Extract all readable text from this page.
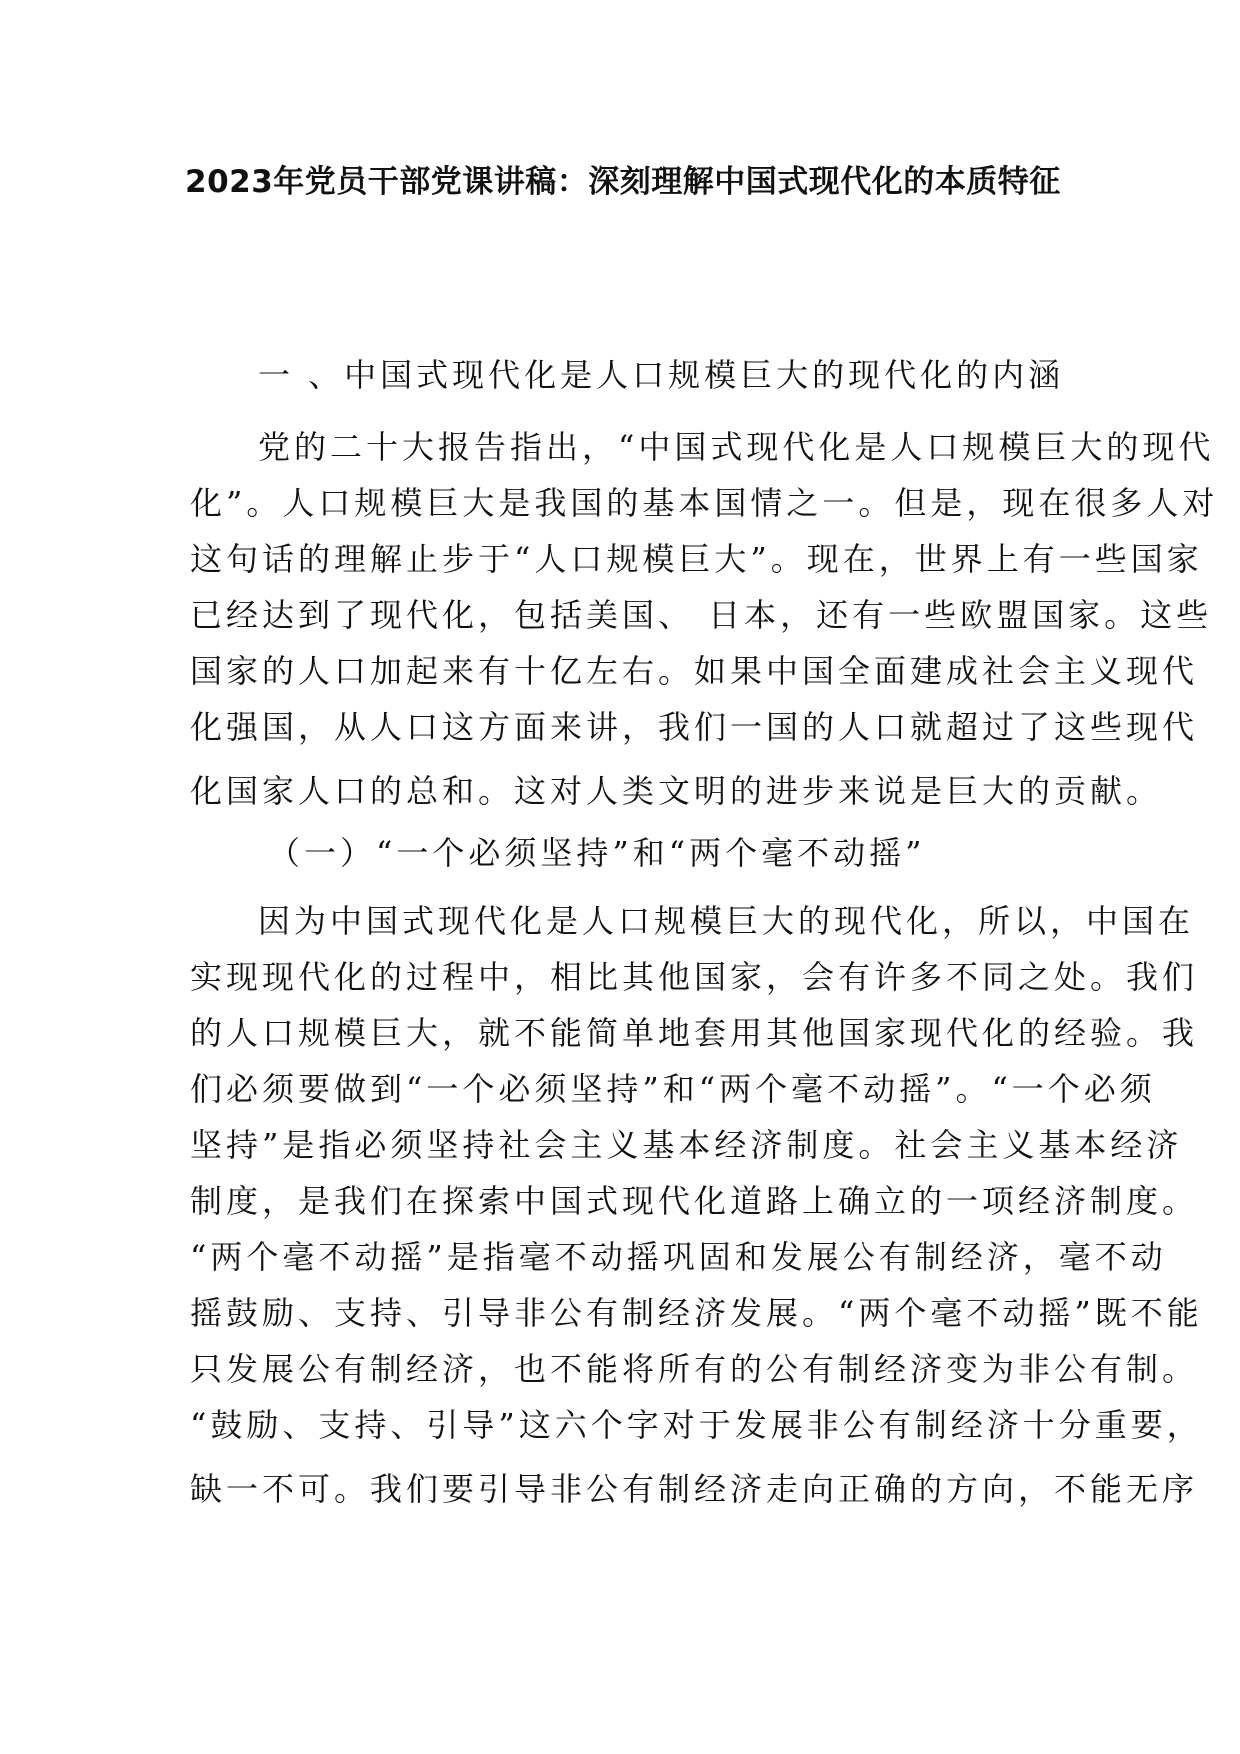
2023年党员干部党课讲稿：深刻理解中国式现代化的本质特征
一 、中国式现代化是人口规模巨大的现代化的内涵
党的二十大报告指出，“中国式现代化是人口规模巨大的现代
化”。人口规模巨大是我国的基本国情之一。但是，现在很多人对
这句话的理解止步于“人口规模巨大”。现在，世界上有一些国家
已经达到了现代化，包括美国、 日本，还有一些欧盟国家。这些
国家的人口加起来有十亿左右。如果中国全面建成社会主义现代
化强国，从人口这方面来讲，我们一国的人口就超过了这些现代
化国家人口的总和。这对人类文明的进步来说是巨大的贡献。
（一）“一个必须坚持”和“两个毫不动摇”
因为中国式现代化是人口规模巨大的现代化，所以，中国在
实现现代化的过程中，相比其他国家，会有许多不同之处。我们
的人口规模巨大，就不能简单地套用其他国家现代化的经验。我
们必须要做到“一个必须坚持”和“两个毫不动摇”。“一个必须
坚持”是指必须坚持社会主义基本经济制度。社会主义基本经济
制度，是我们在探索中国式现代化道路上确立的一项经济制度。
“两个毫不动摇”是指毫不动摇巩固和发展公有制经济，毫不动
摇鼓励、支持、引导非公有制经济发展。“两个毫不动摇”既不能
只发展公有制经济，也不能将所有的公有制经济变为非公有制。
“鼓励、支持、引导”这六个字对于发展非公有制经济十分重要，
缺一不可。我们要引导非公有制经济走向正确的方向，不能无序
